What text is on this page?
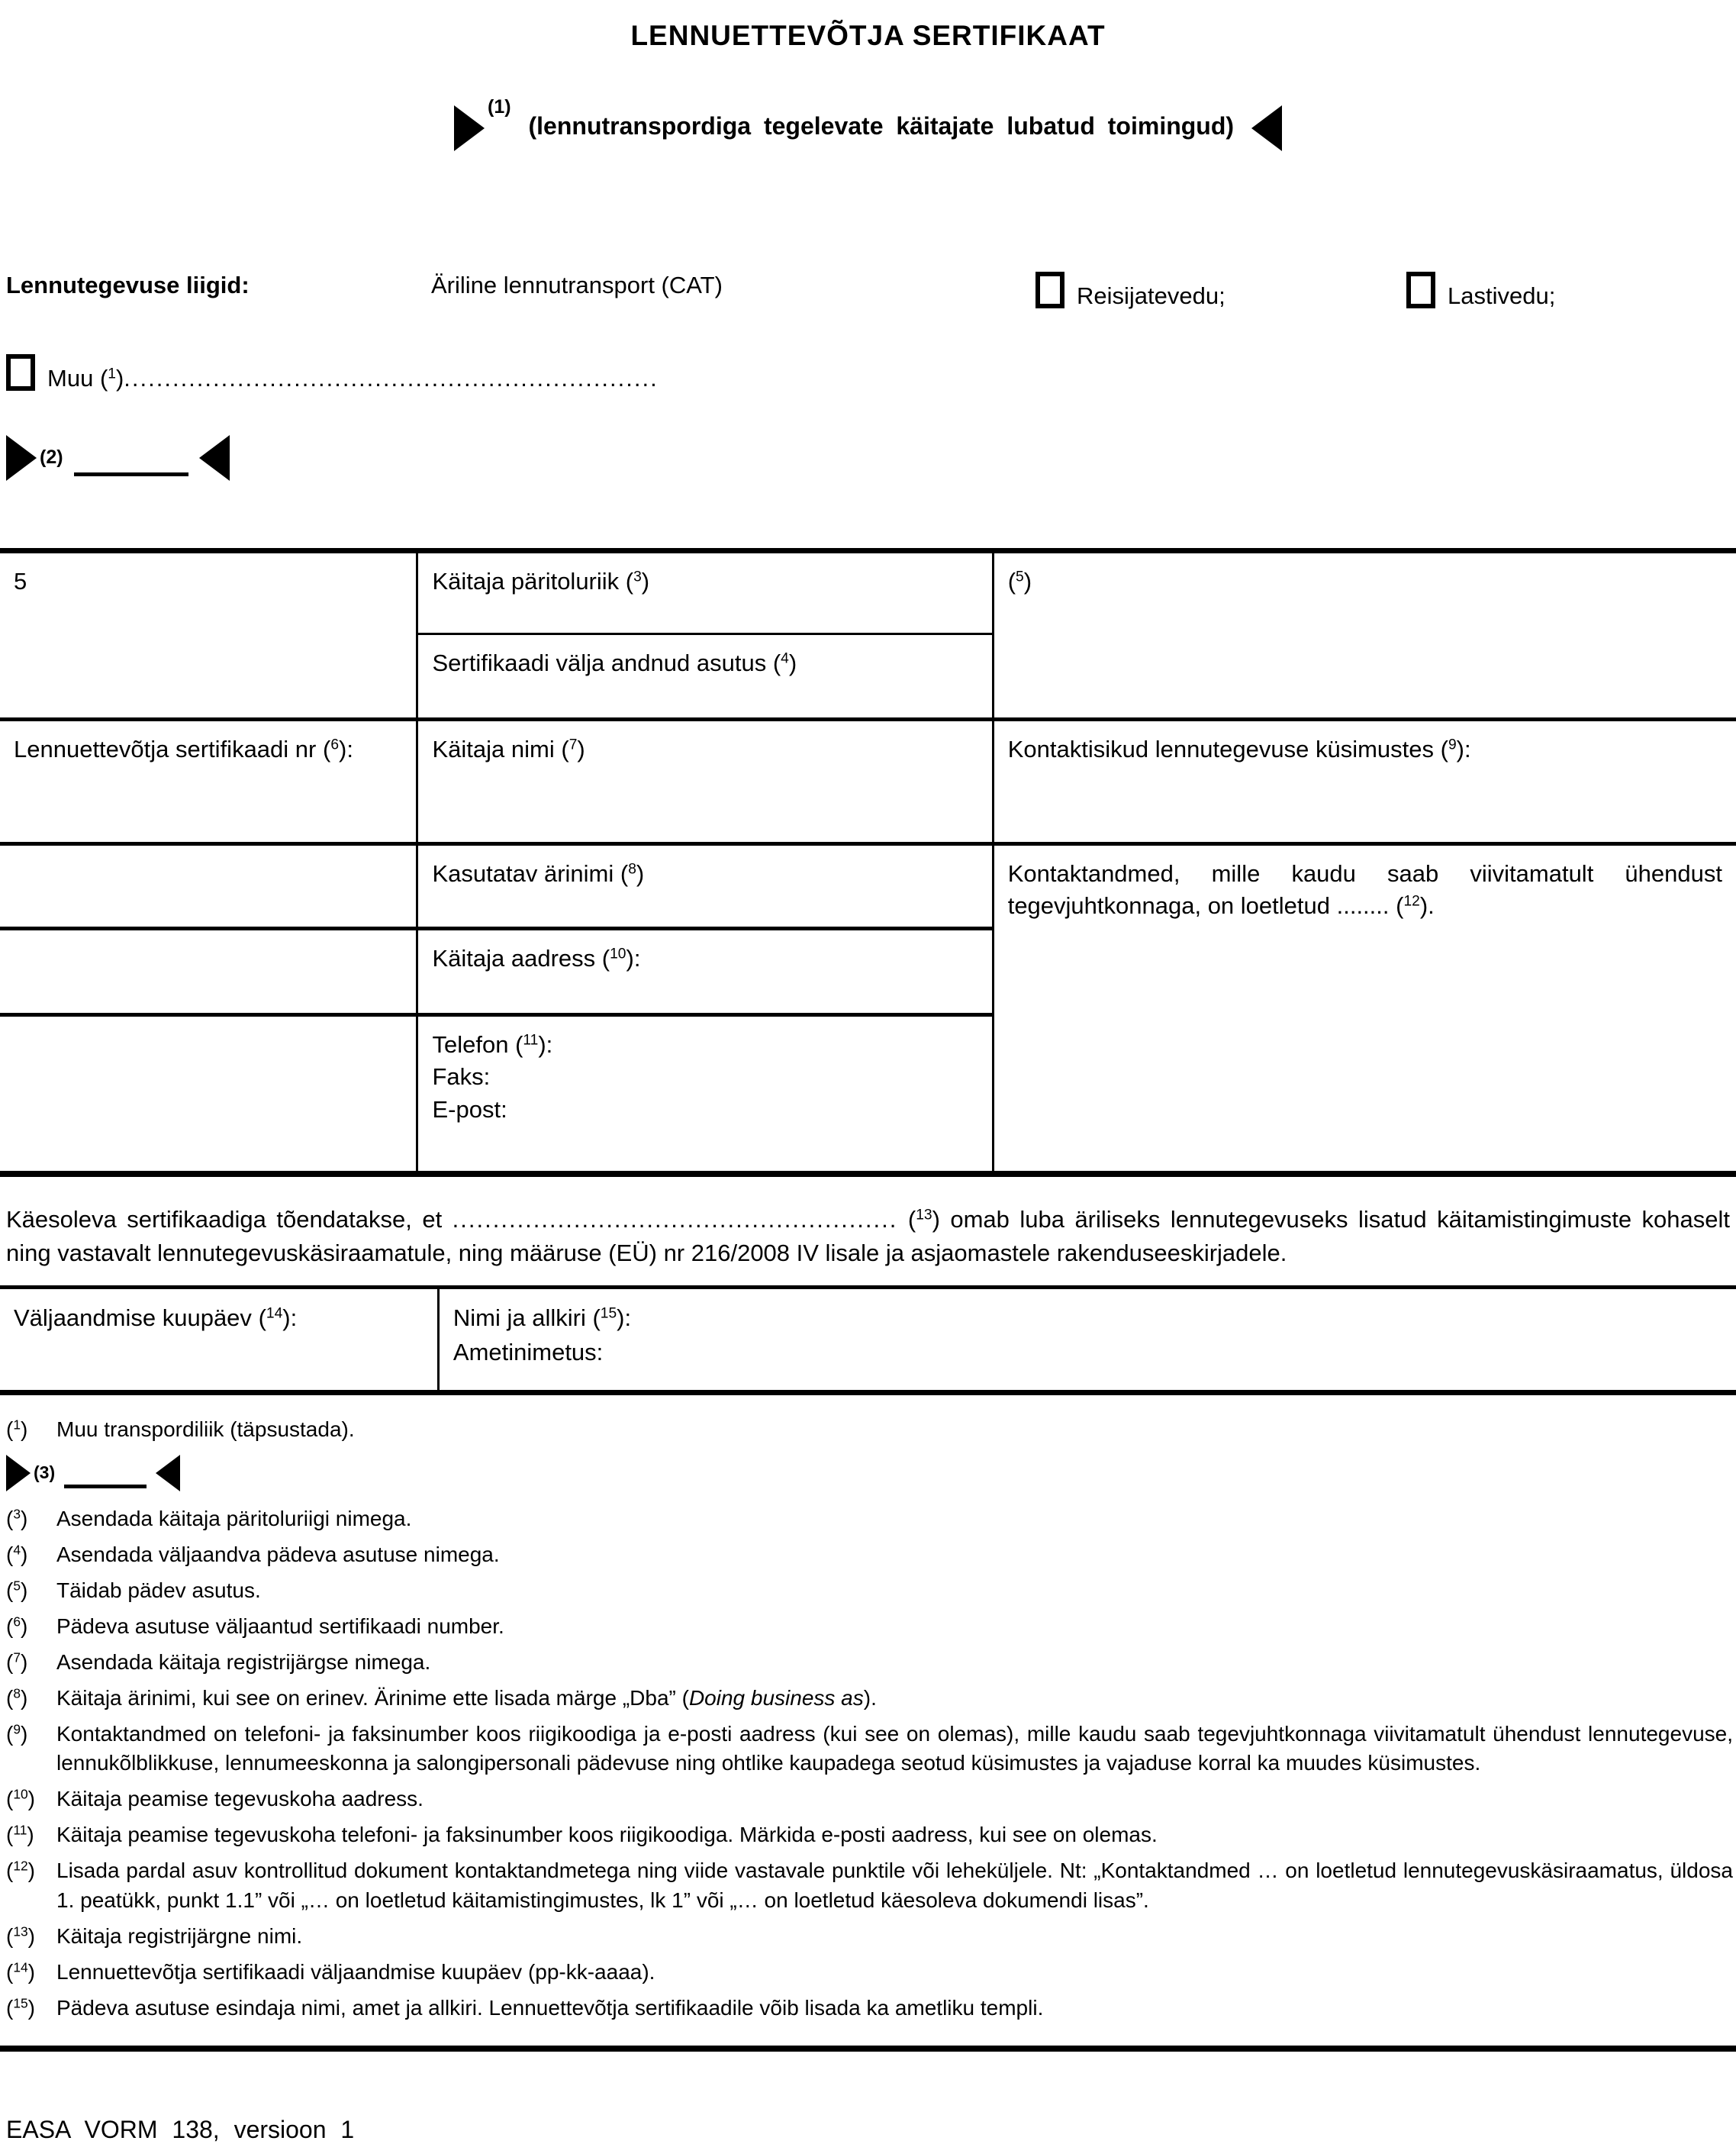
LENNUETTEVÕTJA SERTIFIKAAT
$^{(1)}$ (lennutranspordiga tegelevate käitajate lubatud toimingud)
Lennutegevuse liigid:	Äriline lennutransport (CAT)	Reisijatevedu;	Lastivedu;
Muu ($^1$)..................................................................
(2)
5	Käitaja päritoluriik ($^3$)	($^5$)
	Sertifikaadi välja andnud asutus ($^4$)	
Lennuettevõtja sertifikaadi nr ($^6$):	Käitaja nimi ($^7$)	Kontaktisikud lennutegevuse küsimustes ($^9$):
	Kasutatav ärinimi ($^8$)	Kontaktandmed, mille kaudu saab viivitamatult ühendust tegevjuhtkonnaga, on loetletud ........ ($^{12}$).
	Käitaja aadress ($^{10}$):	

	Telefon ($^{11}$):
Faks:
E-post:	

Käesoleva sertifikaadiga tõendatakse, et ....................................................... ($^{13}$) omab luba äriliseks lennutegevuseks lisatud käitamistingimuste kohaselt ning vastavalt lennutegevuskäsiraamatule, ning määruse (EÜ) nr 216/2008 IV lisale ja asjaomastele rakenduseeskirjadele.

Väljaandmise kuupäev ($^{14}$):	Nimi ja allkiri ($^{15}$):
Ametinimetus:
($^1$) Muu transpordiliik (täpsustada).
(3)
($^3$) Asendada käitaja päritoluriigi nimega.
($^4$) Asendada väljaandva pädeva asutuse nimega.
($^5$) Täidab pädev asutus.
($^6$) Pädeva asutuse väljaantud sertifikaadi number.
($^7$) Asendada käitaja registrijärgse nimega.
($^8$) Käitaja ärinimi, kui see on erinev. Ärinime ette lisada märge „Dba” (Doing business as).
($^9$) Kontaktandmed on telefoni- ja faksinumber koos riigikoodiga ja e-posti aadress (kui see on olemas), mille kaudu saab tegevjuhtkonnaga viivitamatult ühendust lennutegevuse, lennukõlblikkuse, lennumeeskonna ja salongipersonali pädevuse ning ohtlike kaupadega seotud küsimustes ja vajaduse korral ka muudes küsimustes.
($^{10}$) Käitaja peamise tegevuskoha aadress.
($^{11}$) Käitaja peamise tegevuskoha telefoni- ja faksinumber koos riigikoodiga. Märkida e-posti aadress, kui see on olemas.
($^{12}$) Lisada pardal asuv kontrollitud dokument kontaktandmetega ning viide vastavale punktile või leheküljele. Nt: „Kontaktandmed … on loetletud lennutegevuskäsiraamatus, üldosa 1. peatükk, punkt 1.1” või „… on loetletud käitamistingimustes, lk 1” või „… on loetletud käesoleva dokumendi lisas”.
($^{13}$) Käitaja registrijärgne nimi.
($^{14}$) Lennuettevõtja sertifikaadi väljaandmise kuupäev (pp-kk-aaaa).
($^{15}$) Pädeva asutuse esindaja nimi, amet ja allkiri. Lennuettevõtja sertifikaadile võib lisada ka ametliku templi.
EASA VORM 138, versioon 1
